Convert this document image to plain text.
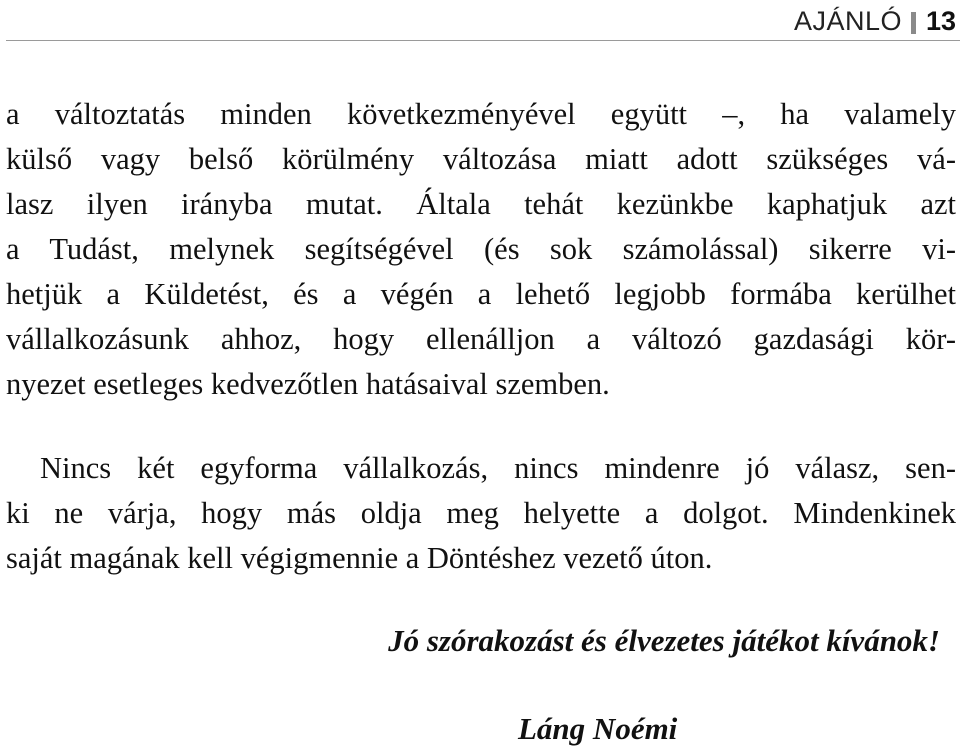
AJÁNLÓ 13
a változtatás minden következményével együtt –, ha valamely
külső vagy belső körülmény változása miatt adott szükséges vá-
lasz ilyen irányba mutat. Általa tehát kezünkbe kaphatjuk azt
a Tudást, melynek segítségével (és sok számolással) sikerre vi-
hetjük a Küldetést, és a végén a lehető legjobb formába kerülhet
vállalkozásunk ahhoz, hogy ellenálljon a változó gazdasági kör-
nyezet esetleges kedvezőtlen hatásaival szemben.
Nincs két egyforma vállalkozás, nincs mindenre jó válasz, sen-
ki ne várja, hogy más oldja meg helyette a dolgot. Mindenkinek
saját magának kell végigmennie a Döntéshez vezető úton.
Jó szórakozást és élvezetes játékot kívánok!
Láng Noémi
